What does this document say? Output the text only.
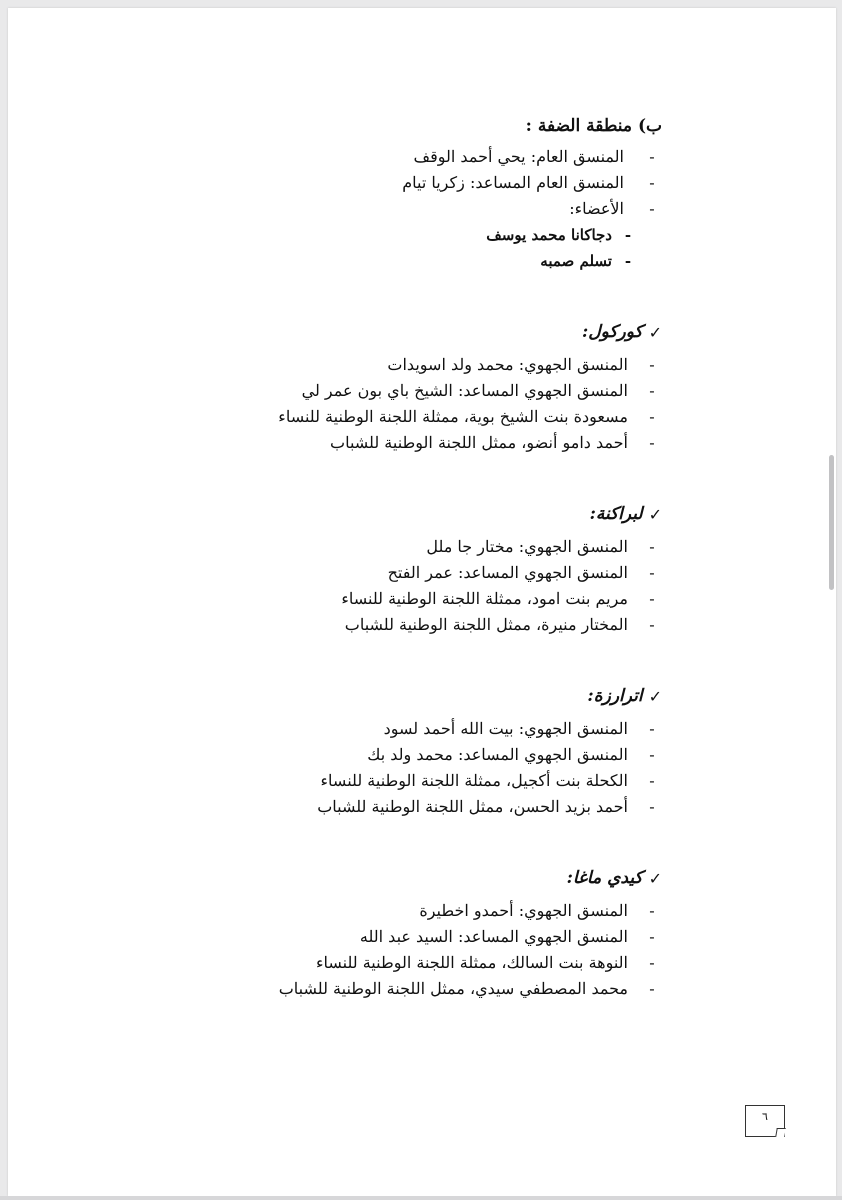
ب) منطقة الضفة :
-
المنسق العام: يحي أحمد الوقف
-
المنسق العام المساعد: زكريا تيام
-
الأعضاء:
-
دجاكانا محمد يوسف
-
تسلم صمبه
✓
كوركول:
-
المنسق الجهوي: محمد ولد اسويدات
-
المنسق الجهوي المساعد: الشيخ باي بون عمر لي
-
مسعودة بنت الشيخ بوية، ممثلة اللجنة الوطنية للنساء
-
أحمد دامو أنضو، ممثل اللجنة الوطنية للشباب
✓
لبراكنة:
-
المنسق الجهوي: مختار جا ملل
-
المنسق الجهوي المساعد: عمر الفتح
-
مريم بنت امود، ممثلة اللجنة الوطنية للنساء
-
المختار منيرة، ممثل اللجنة الوطنية للشباب
✓
اترارزة:
-
المنسق الجهوي: بيت الله أحمد لسود
-
المنسق الجهوي المساعد: محمد ولد بك
-
الكحلة بنت أكجيل، ممثلة اللجنة الوطنية للنساء
-
أحمد بزيد الحسن، ممثل اللجنة الوطنية للشباب
✓
كيدي ماغا:
-
المنسق الجهوي: أحمدو اخطيرة
-
المنسق الجهوي المساعد: السيد عبد الله
-
النوهة بنت السالك، ممثلة اللجنة الوطنية للنساء
-
محمد المصطفي سيدي، ممثل اللجنة الوطنية للشباب
٦
